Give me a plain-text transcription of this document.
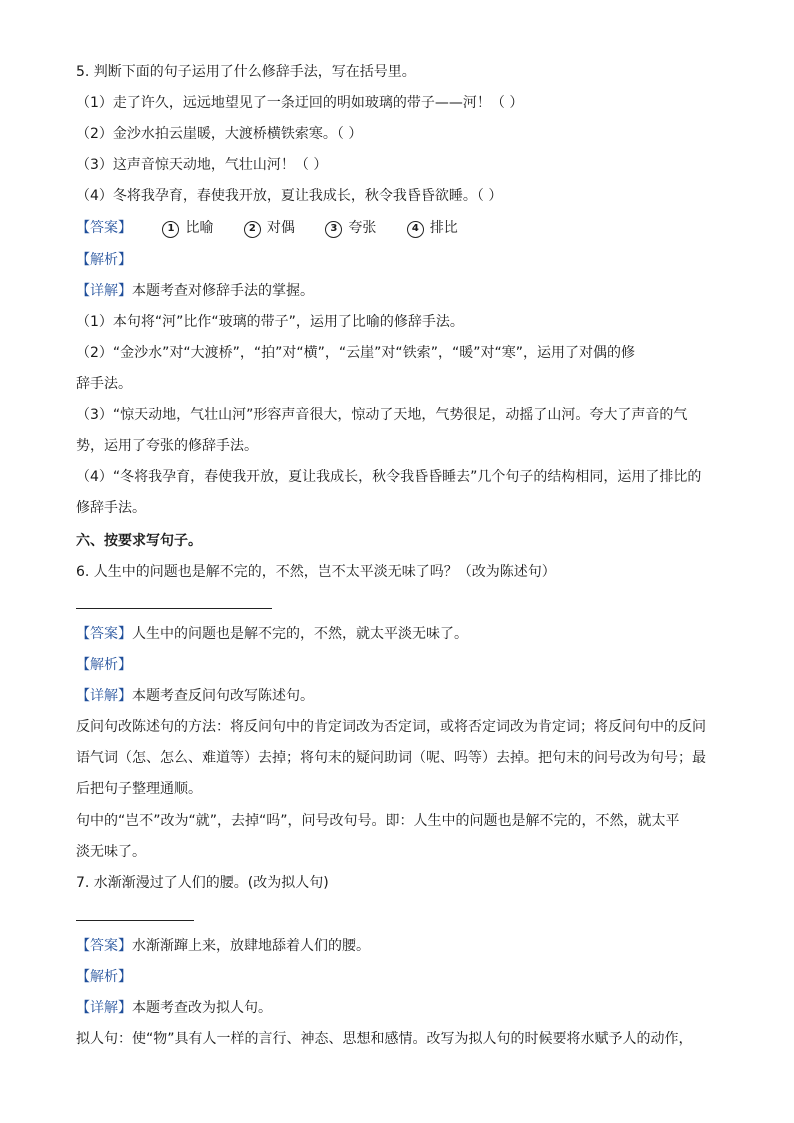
5. 判断下面的句子运用了什么修辞手法，写在括号里。
（1）走了许久，远远地望见了一条迂回的明如玻璃的带子——河！（ ）
（2）金沙水拍云崖暖，大渡桥横铁索寒。（ ）
（3）这声音惊天动地，气壮山河！（ ）
（4）冬将我孕育，春使我开放，夏让我成长，秋令我昏昏欲睡。（ ）
【答案】	1 比喻	2 对偶	3 夸张	4 排比
【解析】
【详解】本题考查对修辞手法的掌握。
（1）本句将“河”比作“玻璃的带子”，运用了比喻的修辞手法。
（2）“金沙水”对“大渡桥”，“拍”对“横”，“云崖”对“铁索”，“暖”对“寒”，运用了对偶的修
辞手法。
（3）“惊天动地，气壮山河”形容声音很大，惊动了天地，气势很足，动摇了山河。夸大了声音的气
势，运用了夸张的修辞手法。
（4）“冬将我孕育，春使我开放，夏让我成长，秋令我昏昏睡去”几个句子的结构相同，运用了排比的
修辞手法。
六、按要求写句子。
6. 人生中的问题也是解不完的，不然，岂不太平淡无味了吗？（改为陈述句）
【答案】人生中的问题也是解不完的，不然，就太平淡无味了。
【解析】
【详解】本题考查反问句改写陈述句。
反问句改陈述句的方法：将反问句中的肯定词改为否定词，或将否定词改为肯定词；将反问句中的反问
语气词（怎、怎么、难道等）去掉；将句末的疑问助词（呢、吗等）去掉。把句末的问号改为句号；最
后把句子整理通顺。
句中的“岂不”改为“就”，去掉“吗”，问号改句号。即：人生中的问题也是解不完的，不然，就太平
淡无味了。
7. 水渐渐漫过了人们的腰。(改为拟人句)
【答案】水渐渐蹿上来，放肆地舔着人们的腰。
【解析】
【详解】本题考查改为拟人句。
拟人句：使“物”具有人一样的言行、神态、思想和感情。改写为拟人句的时候要将水赋予人的动作，
